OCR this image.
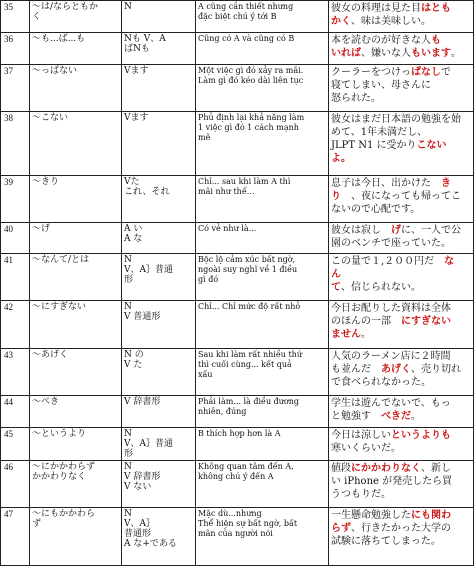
35	～は/ならともか
く	N	A cũng cần thiết nhưng
đặc biệt chú ý tới B	彼女の料理は見た目はとも
かく、味は美味しい。

36	～も...ば...も	Nも V、A
ばNも	Cũng có A và cũng có B	本を読むのが好きな人も
いれば、嫌いな人もいます。

37	～っぱない	Vます	Một việc gì đó xảy ra mãi.
Làm gì đó kéo dài liên tục	クーラーをつけっぱなしで
寝てしまい、母さんに
怒られた。

38	～こない	Vます	Phủ định lại khả năng làm
1 việc gì đó 1 cách mạnh
mẽ	彼女はまだ日本語の勉強を始
めて、1年未満だし、
JLPT N1 に受かりこない
よ。

39	～きり	Vた
これ、それ	Chỉ... sau khi làm A thì
mãi như thế...	息子は今日、出かけた　き
り　、夜になっても帰ってこ
ないので心配です。

40	～げ	A い
A な	Có vẻ như là...	彼女は寂し　げに、一人で公
園のベンチで座っていた。

41	～なんて/とは	N
V、A｝普通
形	Bộc lộ cảm xúc bất ngờ,
ngoài suy nghĩ về 1 điều
gì đó	この量で１,２００円だ　な
ん
て、信じられない。

42	～にすぎない	N
V 普通形	Chỉ... Chỉ mức độ rất nhỏ	今日お配りした資料は全体
のほんの一部　にすぎない
ません。

43	～あげく	N の
V た	Sau khi làm rất nhiều thứ
thì cuối cùng... kết quả
xấu	人気のラーメン店に２時間
も並んだ　あげく、売り切れ
で食べられなかった。

44	～べき	V 辞書形	Phải làm... là điều đương
nhiên, đúng	学生は遊んでないで、もっ
と勉強す　べきだ。

45	～というより	N
V、A｝普通
形	B thích hợp hơn là A	今日は涼しいというよりも
寒いくらいだ。

46	～にかかわらず
かかわりなく	N
V 辞書形
V ない	Không quan tâm đến A,
không chú ý đến A	値段にかかわりなく、新し
い iPhone が発売したら買
うつもりだ。

47	～にもかかわら
ず	N
V、A｝
普通形
A な+である	Mặc dù...nhưng
Thể hiện sự bất ngờ, bất
mãn của người nói	一生懸命勉強したにも関わ
らず、行きたかった大学の
試験に落ちてしまった。
